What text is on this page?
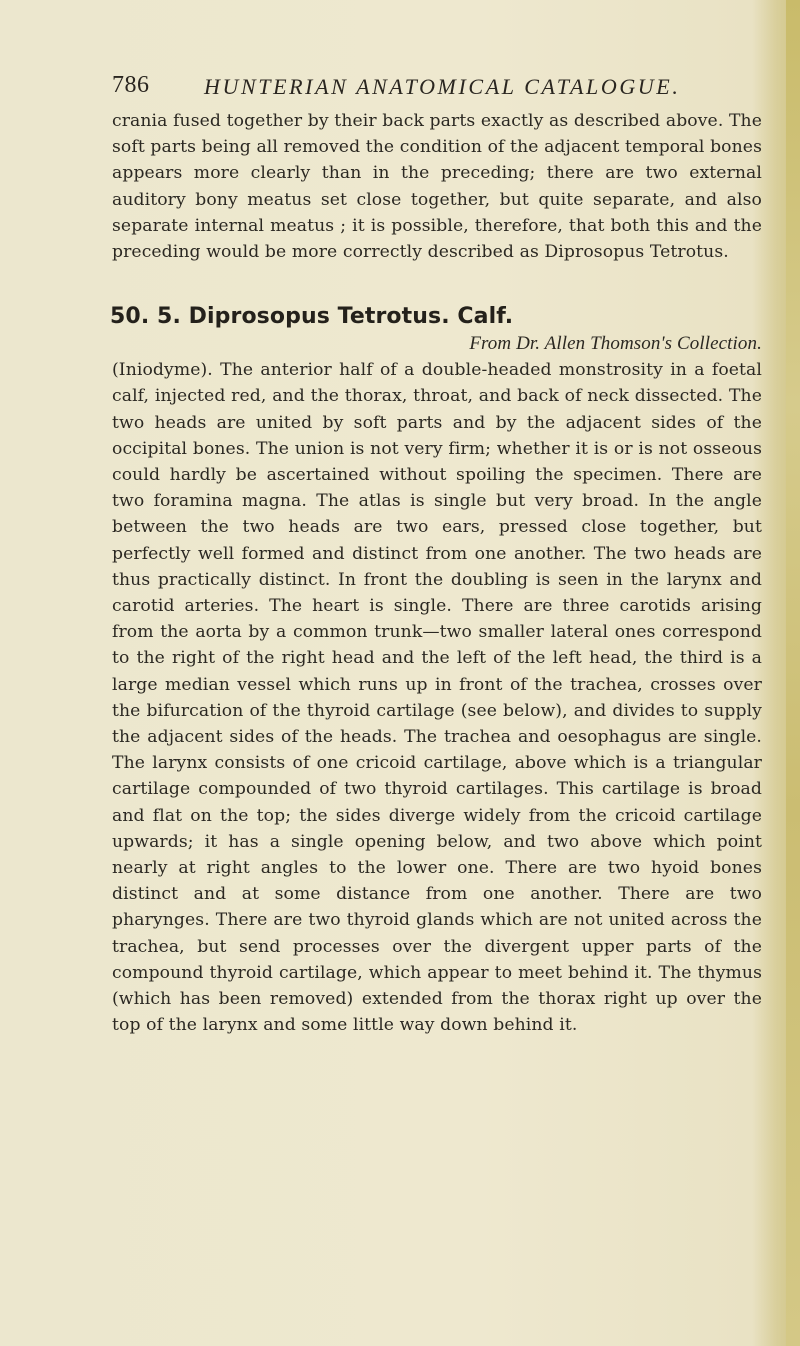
786 HUNTERIAN ANATOMICAL CATALOGUE.

crania fused together by their back parts exactly as described above. The soft parts being all removed the condition of the adjacent temporal bones appears more clearly than in the preceding; there are two external auditory bony meatus set close together, but quite separate, and also separate internal meatus ; it is possible, therefore, that both this and the preceding would be more correctly described as Diprosopus Tetrotus.

50. 5. Diprosopus Tetrotus. Calf.

From Dr. Allen Thomson's Collection.

(Iniodyme). The anterior half of a double-headed monstrosity in a foetal calf, injected red, and the thorax, throat, and back of neck dissected. The two heads are united by soft parts and by the adjacent sides of the occipital bones. The union is not very firm; whether it is or is not osseous could hardly be ascertained without spoiling the specimen. There are two foramina magna. The atlas is single but very broad. In the angle between the two heads are two ears, pressed close together, but perfectly well formed and distinct from one another. The two heads are thus practically distinct. In front the doubling is seen in the larynx and carotid arteries. The heart is single. There are three carotids arising from the aorta by a common trunk—two smaller lateral ones correspond to the right of the right head and the left of the left head, the third is a large median vessel which runs up in front of the trachea, crosses over the bifurcation of the thyroid cartilage (see below), and divides to supply the adjacent sides of the heads. The trachea and oesophagus are single. The larynx consists of one cricoid cartilage, above which is a triangular cartilage compounded of two thyroid cartilages. This cartilage is broad and flat on the top; the sides diverge widely from the cricoid cartilage upwards; it has a single opening below, and two above which point nearly at right angles to the lower one. There are two hyoid bones distinct and at some distance from one another. There are two pharynges. There are two thyroid glands which are not united across the trachea, but send processes over the divergent upper parts of the compound thyroid cartilage, which appear to meet behind it. The thymus (which has been removed) extended from the thorax right up over the top of the larynx and some little way down behind it.
